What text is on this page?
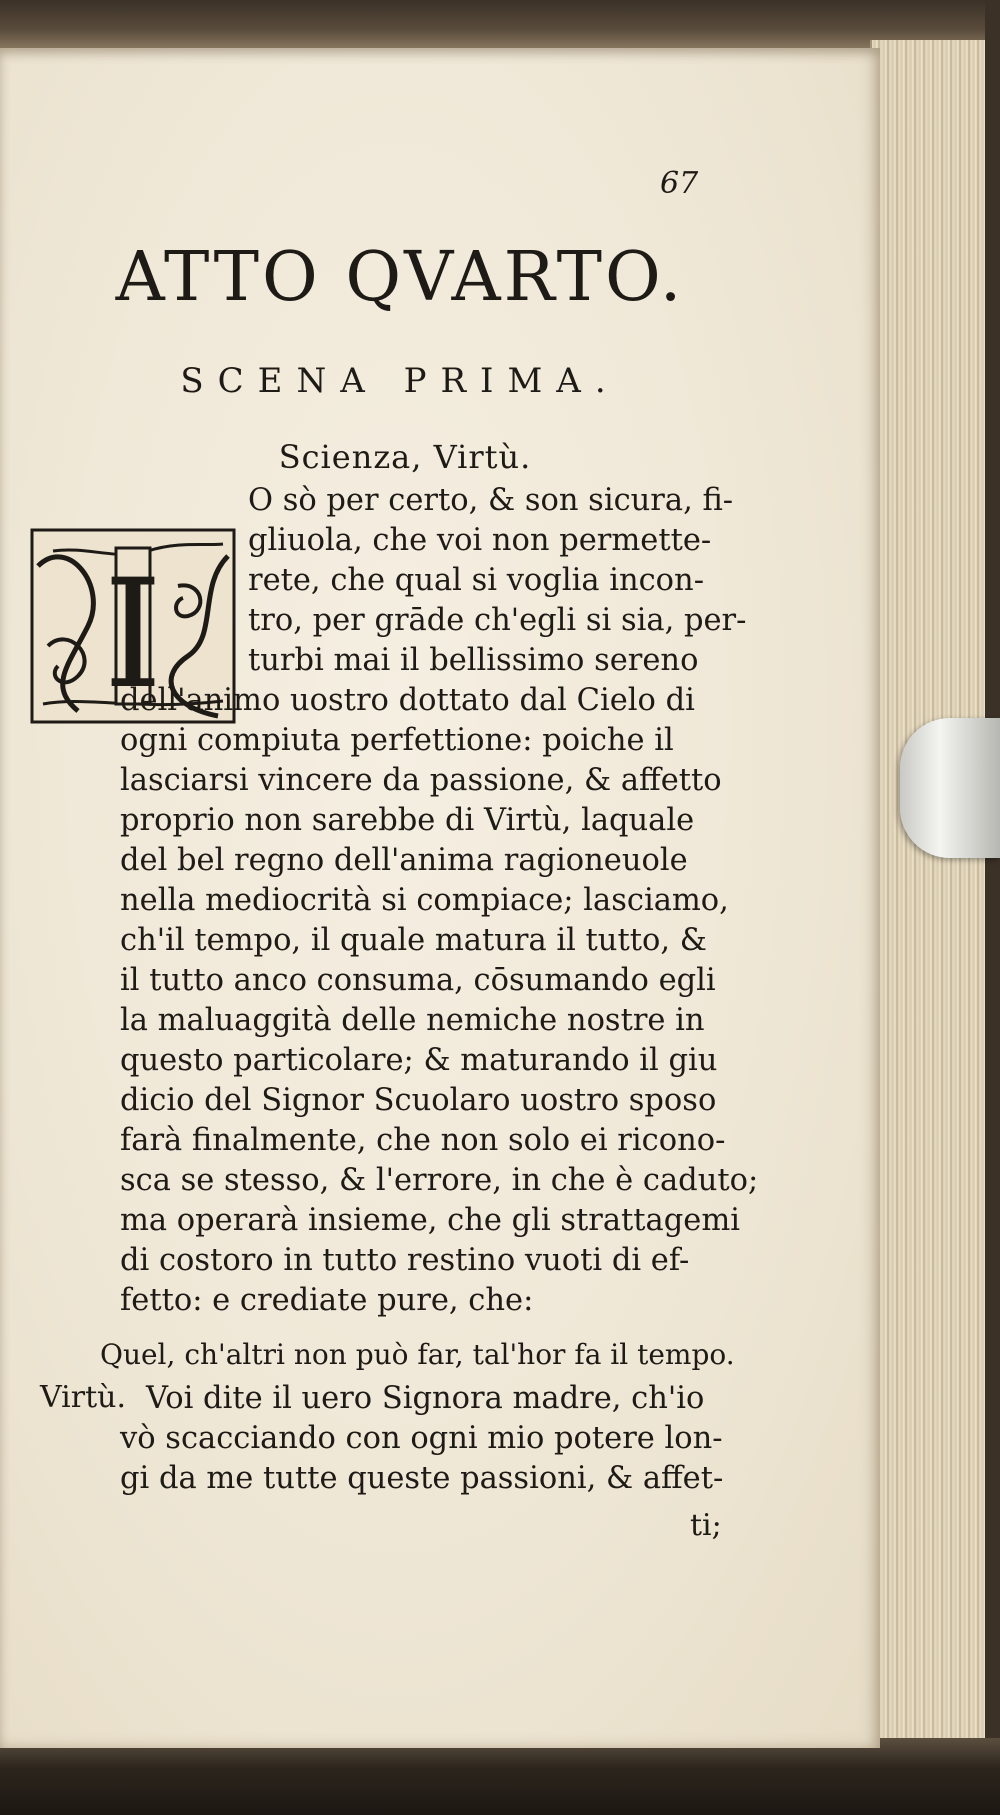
67
ATTO QVARTO.
SCENA PRIMA.
Scienza, Virtù.
I
O sò per certo, & son sicura, fi-
gliuola, che voi non permette-
rete, che qual si voglia incon-
tro, per grāde ch'egli si sia, per-
turbi mai il bellissimo sereno
dell'animo uostro dottato dal Cielo di
ogni compiuta perfettione: poiche il
lasciarsi vincere da passione, & affetto
proprio non sarebbe di Virtù, laquale
del bel regno dell'anima ragioneuole
nella mediocrità si compiace; lasciamo,
ch'il tempo, il quale matura il tutto, &
il tutto anco consuma, cōsumando egli
la maluaggità delle nemiche nostre in
questo particolare; & maturando il giu
dicio del Signor Scuolaro uostro sposo
farà finalmente, che non solo ei ricono-
sca se stesso, & l'errore, in che è caduto;
ma operarà insieme, che gli strattagemi
di costoro in tutto restino vuoti di ef-
fetto: e crediate pure, che:
Quel, ch'altri non può far, tal'hor fa il tempo.
Virtù. Voi dite il uero Signora madre, ch'io
vò scacciando con ogni mio potere lon-
gi da me tutte queste passioni, & affet-
ti;
